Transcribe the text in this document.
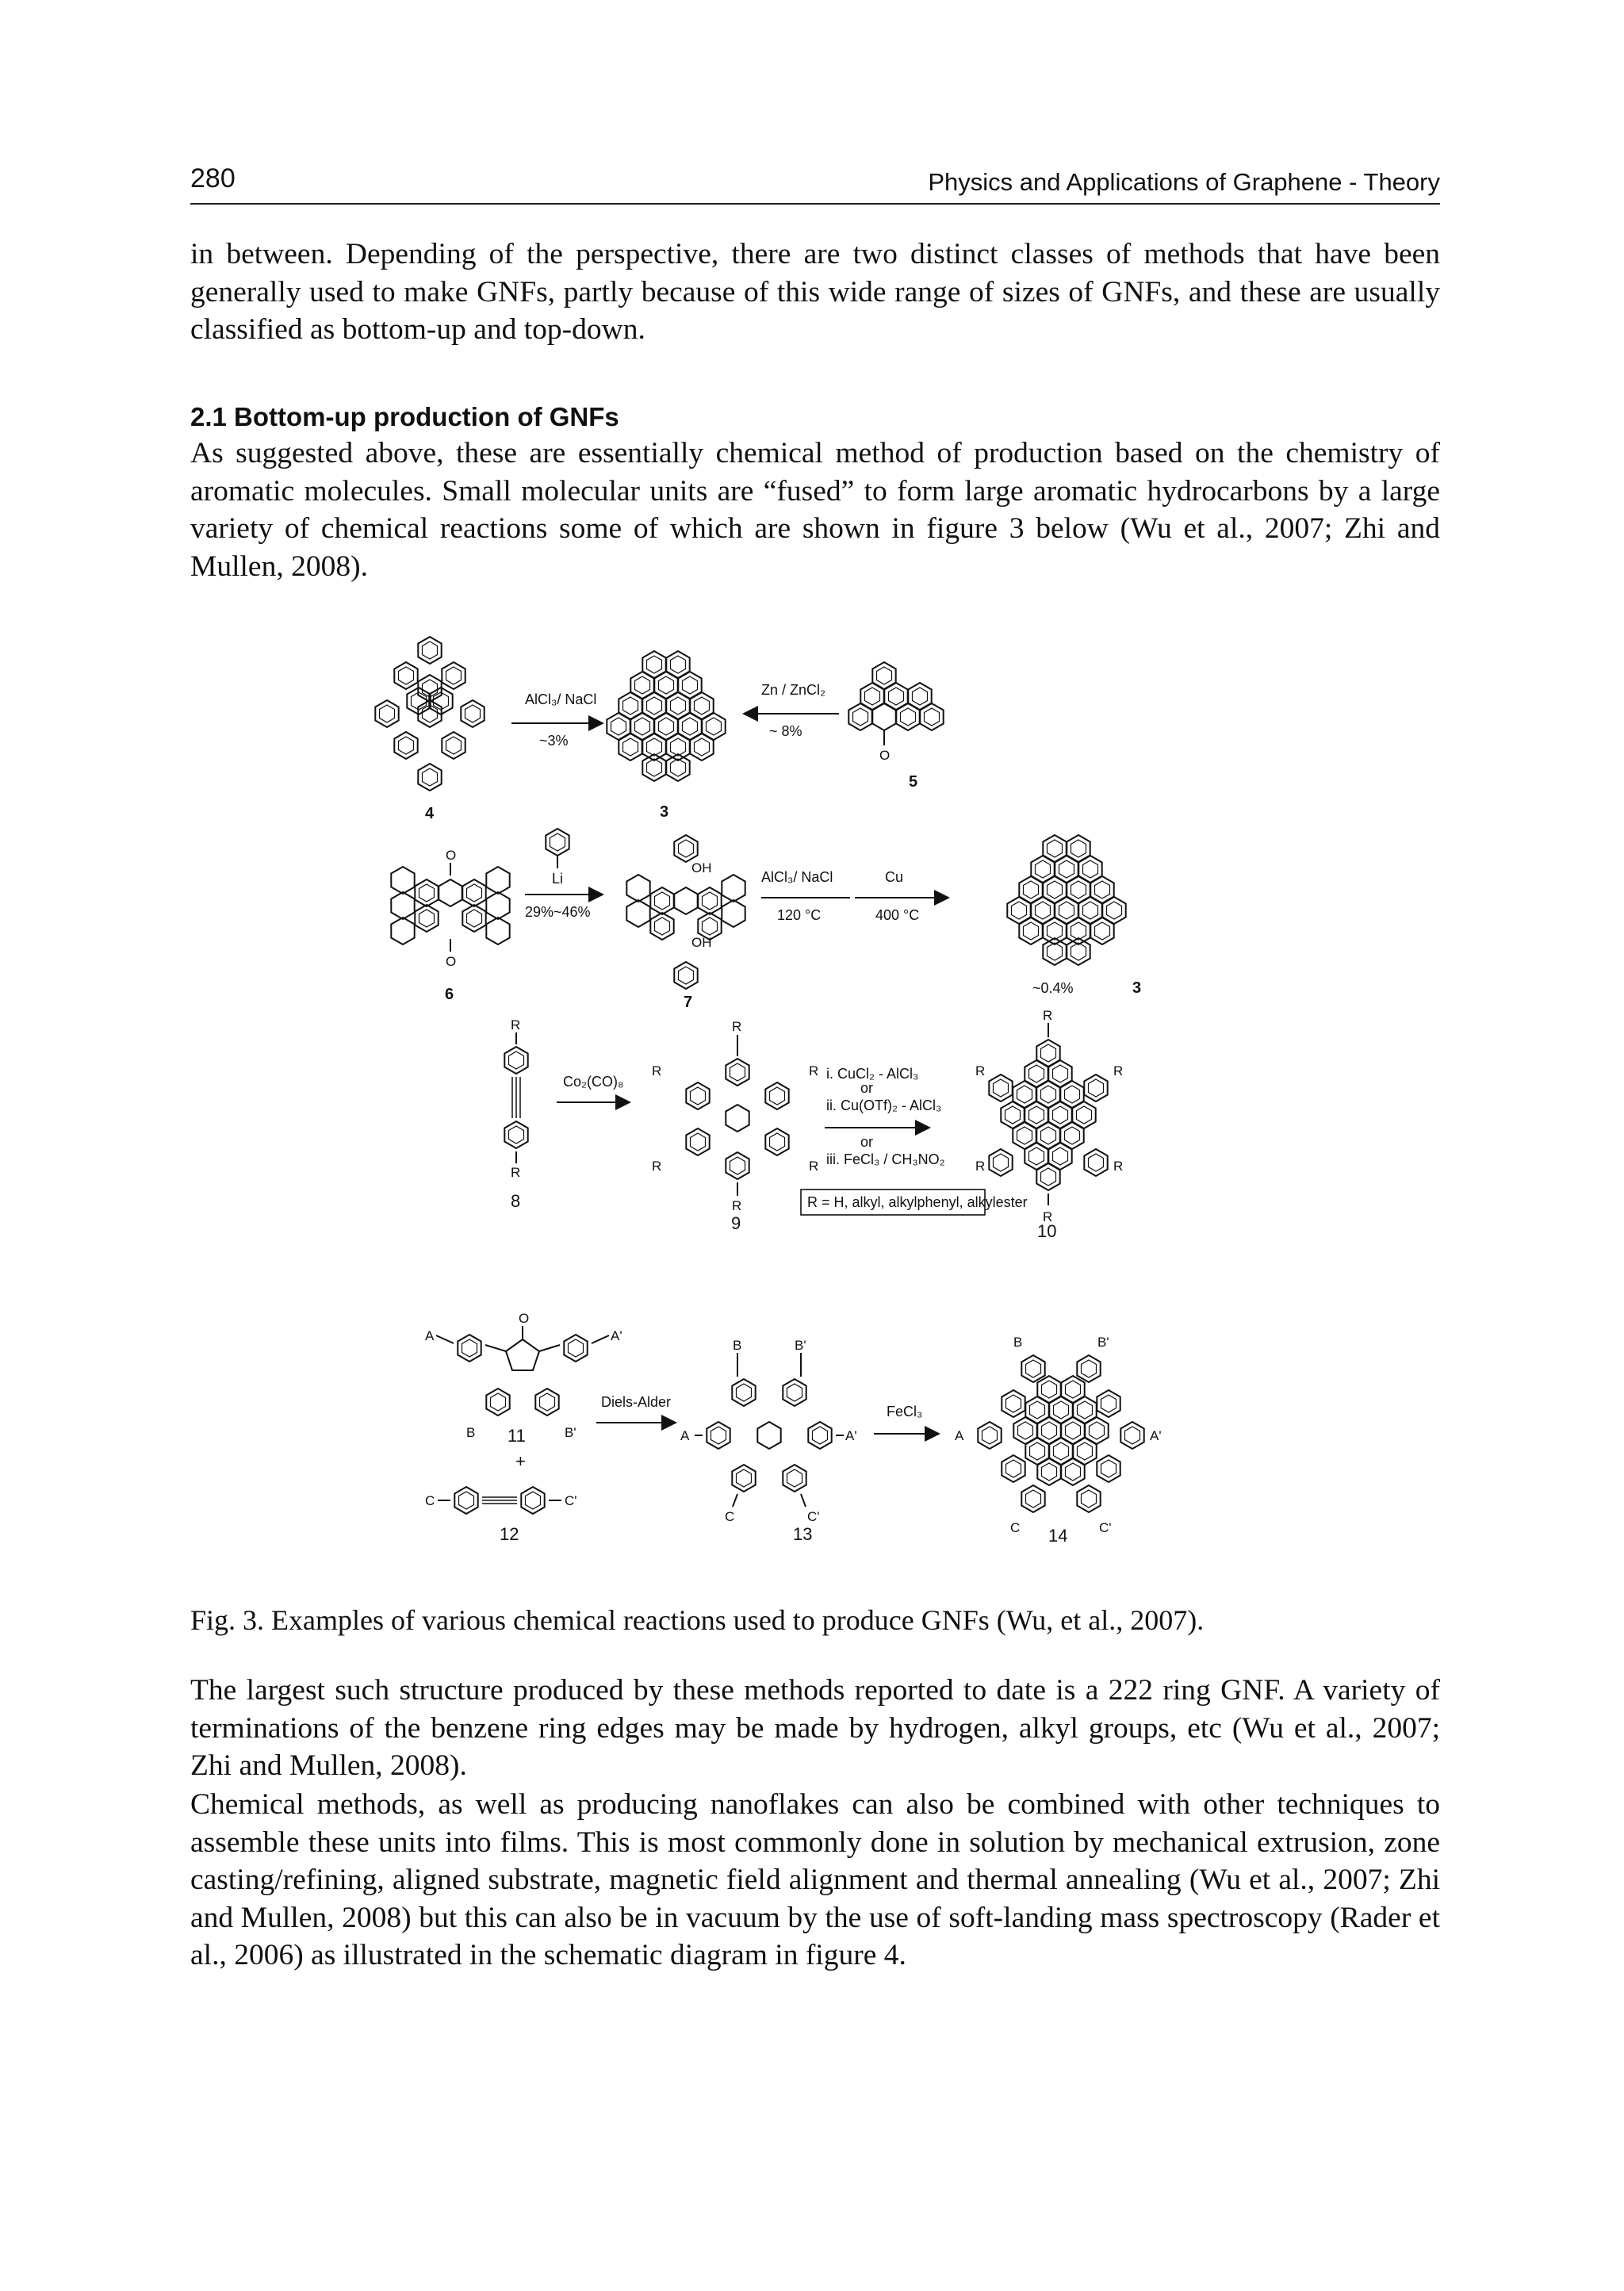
280	Physics and Applications of Graphene - Theory

in between. Depending of the perspective, there are two distinct classes of methods that have been generally used to make GNFs, partly because of this wide range of sizes of GNFs, and these are usually classified as bottom-up and top-down.

2.1 Bottom-up production of GNFs

As suggested above, these are essentially chemical method of production based on the chemistry of aromatic molecules. Small molecular units are “fused” to form large aromatic hydrocarbons by a large variety of chemical reactions some of which are shown in figure 3 below (Wu et al., 2007; Zhi and Mullen, 2008).

4
AlCl₃/ NaCl
~3%
3
Zn / ZnCl₂
~ 8%
O
5
O
O
6
Li
29%~46%
OH
OH
7
AlCl₃/ NaCl
120 °C
Cu
400 °C
~0.4%	3
R
R
8
Co₂(CO)₈
R
R	R
R	R
R
9
i. CuCl₂ - AlCl₃
or
ii. Cu(OTf)₂ - AlCl₃
or
iii. FeCl₃ / CH₃NO₂
R = H, alkyl, alkylphenyl, alkylester
R
R	R
R	R
R
10
O
A	A'
B	B'
11
+
C	C'
12
Diels-Alder
B	B'
A	A'
C	C'
13
FeCl₃
B	B'
A	A'
C	C'
14
Fig. 3. Examples of various chemical reactions used to produce GNFs (Wu, et al., 2007).

The largest such structure produced by these methods reported to date is a 222 ring GNF. A variety of terminations of the benzene ring edges may be made by hydrogen, alkyl groups, etc (Wu et al., 2007; Zhi and Mullen, 2008).

Chemical methods, as well as producing nanoflakes can also be combined with other techniques to assemble these units into films. This is most commonly done in solution by mechanical extrusion, zone casting/refining, aligned substrate, magnetic field alignment and thermal annealing (Wu et al., 2007; Zhi and Mullen, 2008) but this can also be in vacuum by the use of soft-landing mass spectroscopy (Rader et al., 2006) as illustrated in the schematic diagram in figure 4.
